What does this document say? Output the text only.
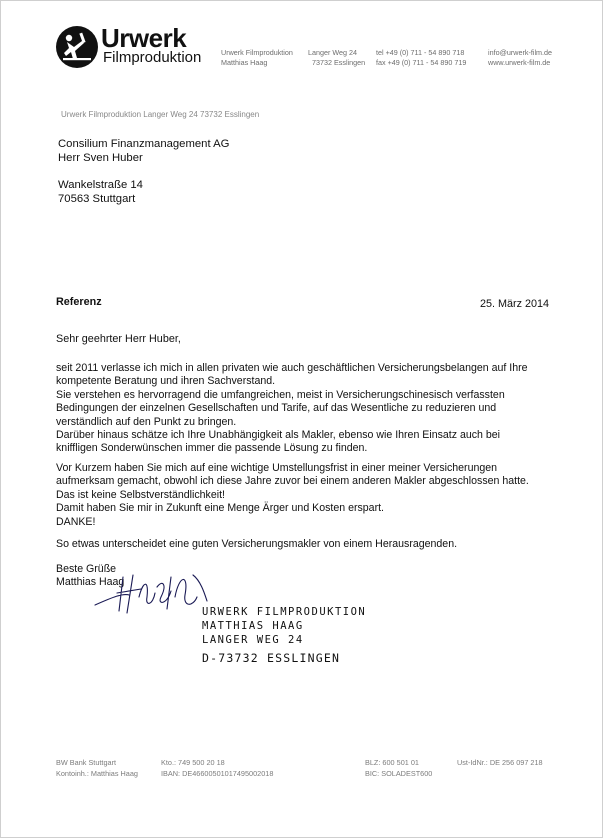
Urwerk
Filmproduktion	Urwerk Filmproduktion
Matthias Haag
Langer Weg 24
73732 Esslingen
tel +49 (0) 711 - 54 890 718
fax +49 (0) 711 - 54 890 719
info@urwerk-film.de
www.urwerk-film.de
Urwerk Filmproduktion Langer Weg 24 73732 Esslingen
Consilium Finanzmanagement AG
Herr Sven Huber
Wankelstraße 14
70563 Stuttgart
Referenz	25. März 2014
Sehr geehrter Herr Huber,
seit 2011 verlasse ich mich in allen privaten wie auch geschäftlichen Versicherungsbelangen auf Ihre
kompetente Beratung und ihren Sachverstand.
Sie verstehen es hervorragend die umfangreichen, meist in Versicherungschinesisch verfassten
Bedingungen der einzelnen Gesellschaften und Tarife, auf das Wesentliche zu reduzieren und
verständlich auf den Punkt zu bringen.
Darüber hinaus schätze ich Ihre Unabhängigkeit als Makler, ebenso wie Ihren Einsatz auch bei
kniffligen Sonderwünschen immer die passende Lösung zu finden.
Vor Kurzem haben Sie mich auf eine wichtige Umstellungsfrist in einer meiner Versicherungen
aufmerksam gemacht, obwohl ich diese Jahre zuvor bei einem anderen Makler abgeschlossen hatte.
Das ist keine Selbstverständlichkeit!
Damit haben Sie mir in Zukunft eine Menge Ärger und Kosten erspart.
DANKE!
So etwas unterscheidet eine guten Versicherungsmakler von einem Herausragenden.
Beste Grüße
Matthias Haag
URWERK FILMPRODUKTION
MATTHIAS HAAG
LANGER WEG 24
D-73732 ESSLINGEN
BW Bank Stuttgart
Kontoinh.: Matthias Haag
Kto.: 749 500 20 18
IBAN: DE46600501017495002018
BLZ: 600 501 01
BIC: SOLADEST600
Ust-IdNr.: DE 256 097 218
